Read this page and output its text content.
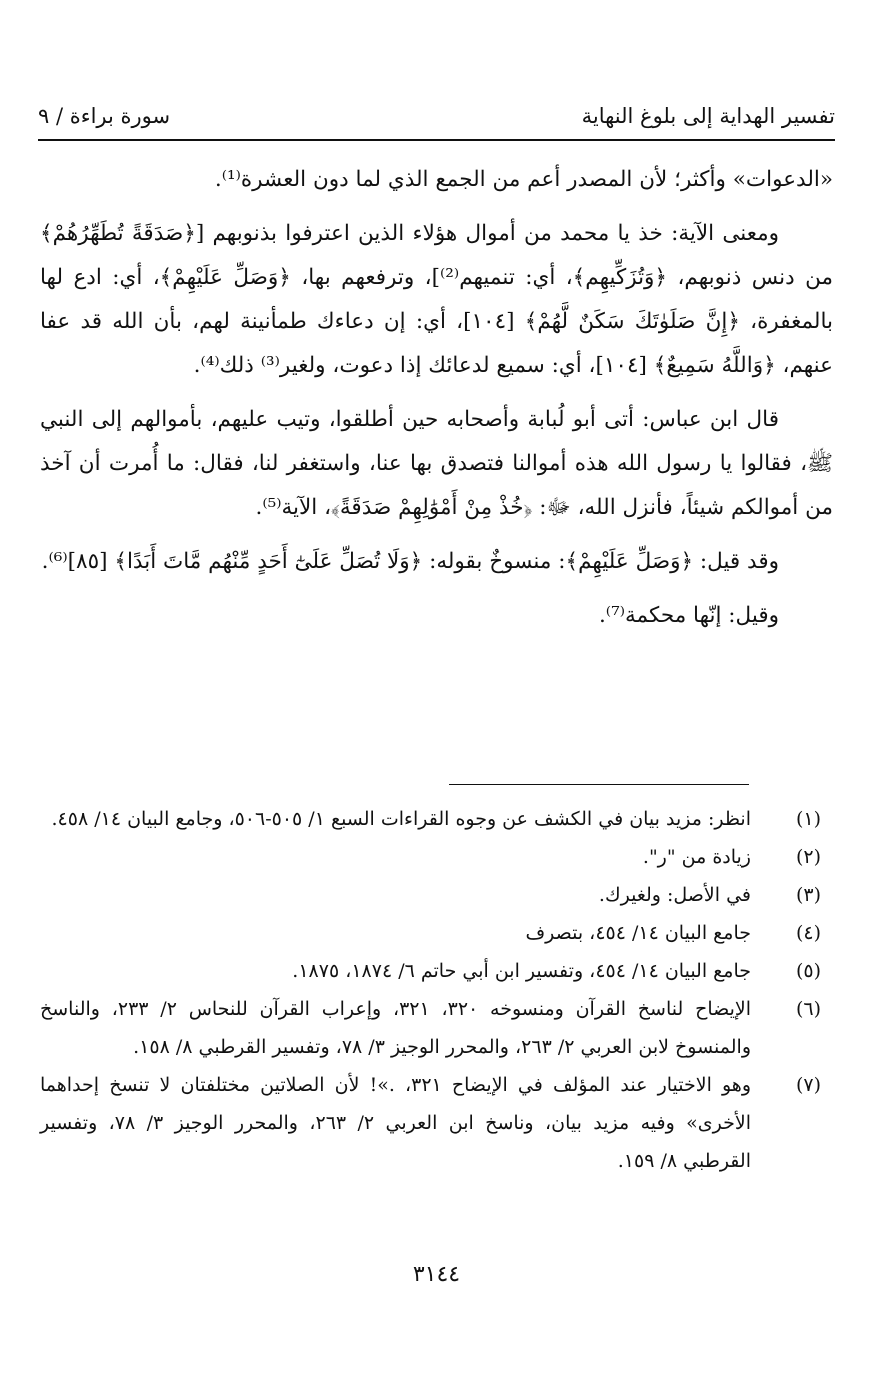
تفسير الهداية إلى بلوغ النهاية
سورة براءة / ٩

«الدعوات» وأكثر؛ لأن المصدر أعم من الجمع الذي لما دون العشرة⁽¹⁾.

ومعنى الآية: خذ يا محمد من أموال هؤلاء الذين اعترفوا بذنوبهم [﴿صَدَقَةً تُطَهِّرُهُمْ﴾ من دنس ذنوبهم، ﴿وَتُزَكِّيهِم﴾، أي: تنميهم⁽²⁾]، وترفعهم بها، ﴿وَصَلِّ عَلَيْهِمْ﴾، أي: ادع لها بالمغفرة، ﴿إِنَّ صَلَوٰتَكَ سَكَنٌ لَّهُمْ﴾ [١٠٤]، أي: إن دعاءك طمأنينة لهم، بأن الله قد عفا عنهم، ﴿وَاللَّهُ سَمِيعٌ﴾ [١٠٤]، أي: سميع لدعائك إذا دعوت، ولغير⁽³⁾ ذلك⁽⁴⁾.

قال ابن عباس: أتى أبو لُبابة وأصحابه حين أطلقوا، وتيب عليهم، بأموالهم إلى النبي ﷺ، فقالوا يا رسول الله هذه أموالنا فتصدق بها عنا، واستغفر لنا، فقال: ما أُمرت أن آخذ من أموالكم شيئاً، فأنزل الله، ﷻ: ﴿خُذْ مِنْ أَمْوَٰلِهِمْ صَدَقَةً﴾، الآية⁽⁵⁾.

وقد قيل: ﴿وَصَلِّ عَلَيْهِمْ﴾: منسوخٌ بقوله: ﴿وَلَا تُصَلِّ عَلَىٰٓ أَحَدٍ مِّنْهُم مَّاتَ أَبَدًا﴾ [٨٥]⁽⁶⁾.

وقيل: إنّها محكمة⁽⁷⁾.

(١)
انظر: مزيد بيان في الكشف عن وجوه القراءات السبع ١/ ٥٠٥-٥٠٦، وجامع البيان ١٤/ ٤٥٨.
(٢)
زيادة من "ر".
(٣)
في الأصل: ولغيرك.
(٤)
جامع البيان ١٤/ ٤٥٤، بتصرف
(٥)
جامع البيان ١٤/ ٤٥٤، وتفسير ابن أبي حاتم ٦/ ١٨٧٤، ١٨٧٥.
(٦)
الإيضاح لناسخ القرآن ومنسوخه ٣٢٠، ٣٢١، وإعراب القرآن للنحاس ٢/ ٢٣٣، والناسخ والمنسوخ لابن العربي ٢/ ٢٦٣، والمحرر الوجيز ٣/ ٧٨، وتفسير القرطبي ٨/ ١٥٨.
(٧)
وهو الاختيار عند المؤلف في الإيضاح ٣٢١، .»! لأن الصلاتين مختلفتان لا تنسخ إحداهما الأخرى» وفيه مزيد بيان، وناسخ ابن العربي ٢/ ٢٦٣، والمحرر الوجيز ٣/ ٧٨، وتفسير القرطبي ٨/ ١٥٩.
٣١٤٤
